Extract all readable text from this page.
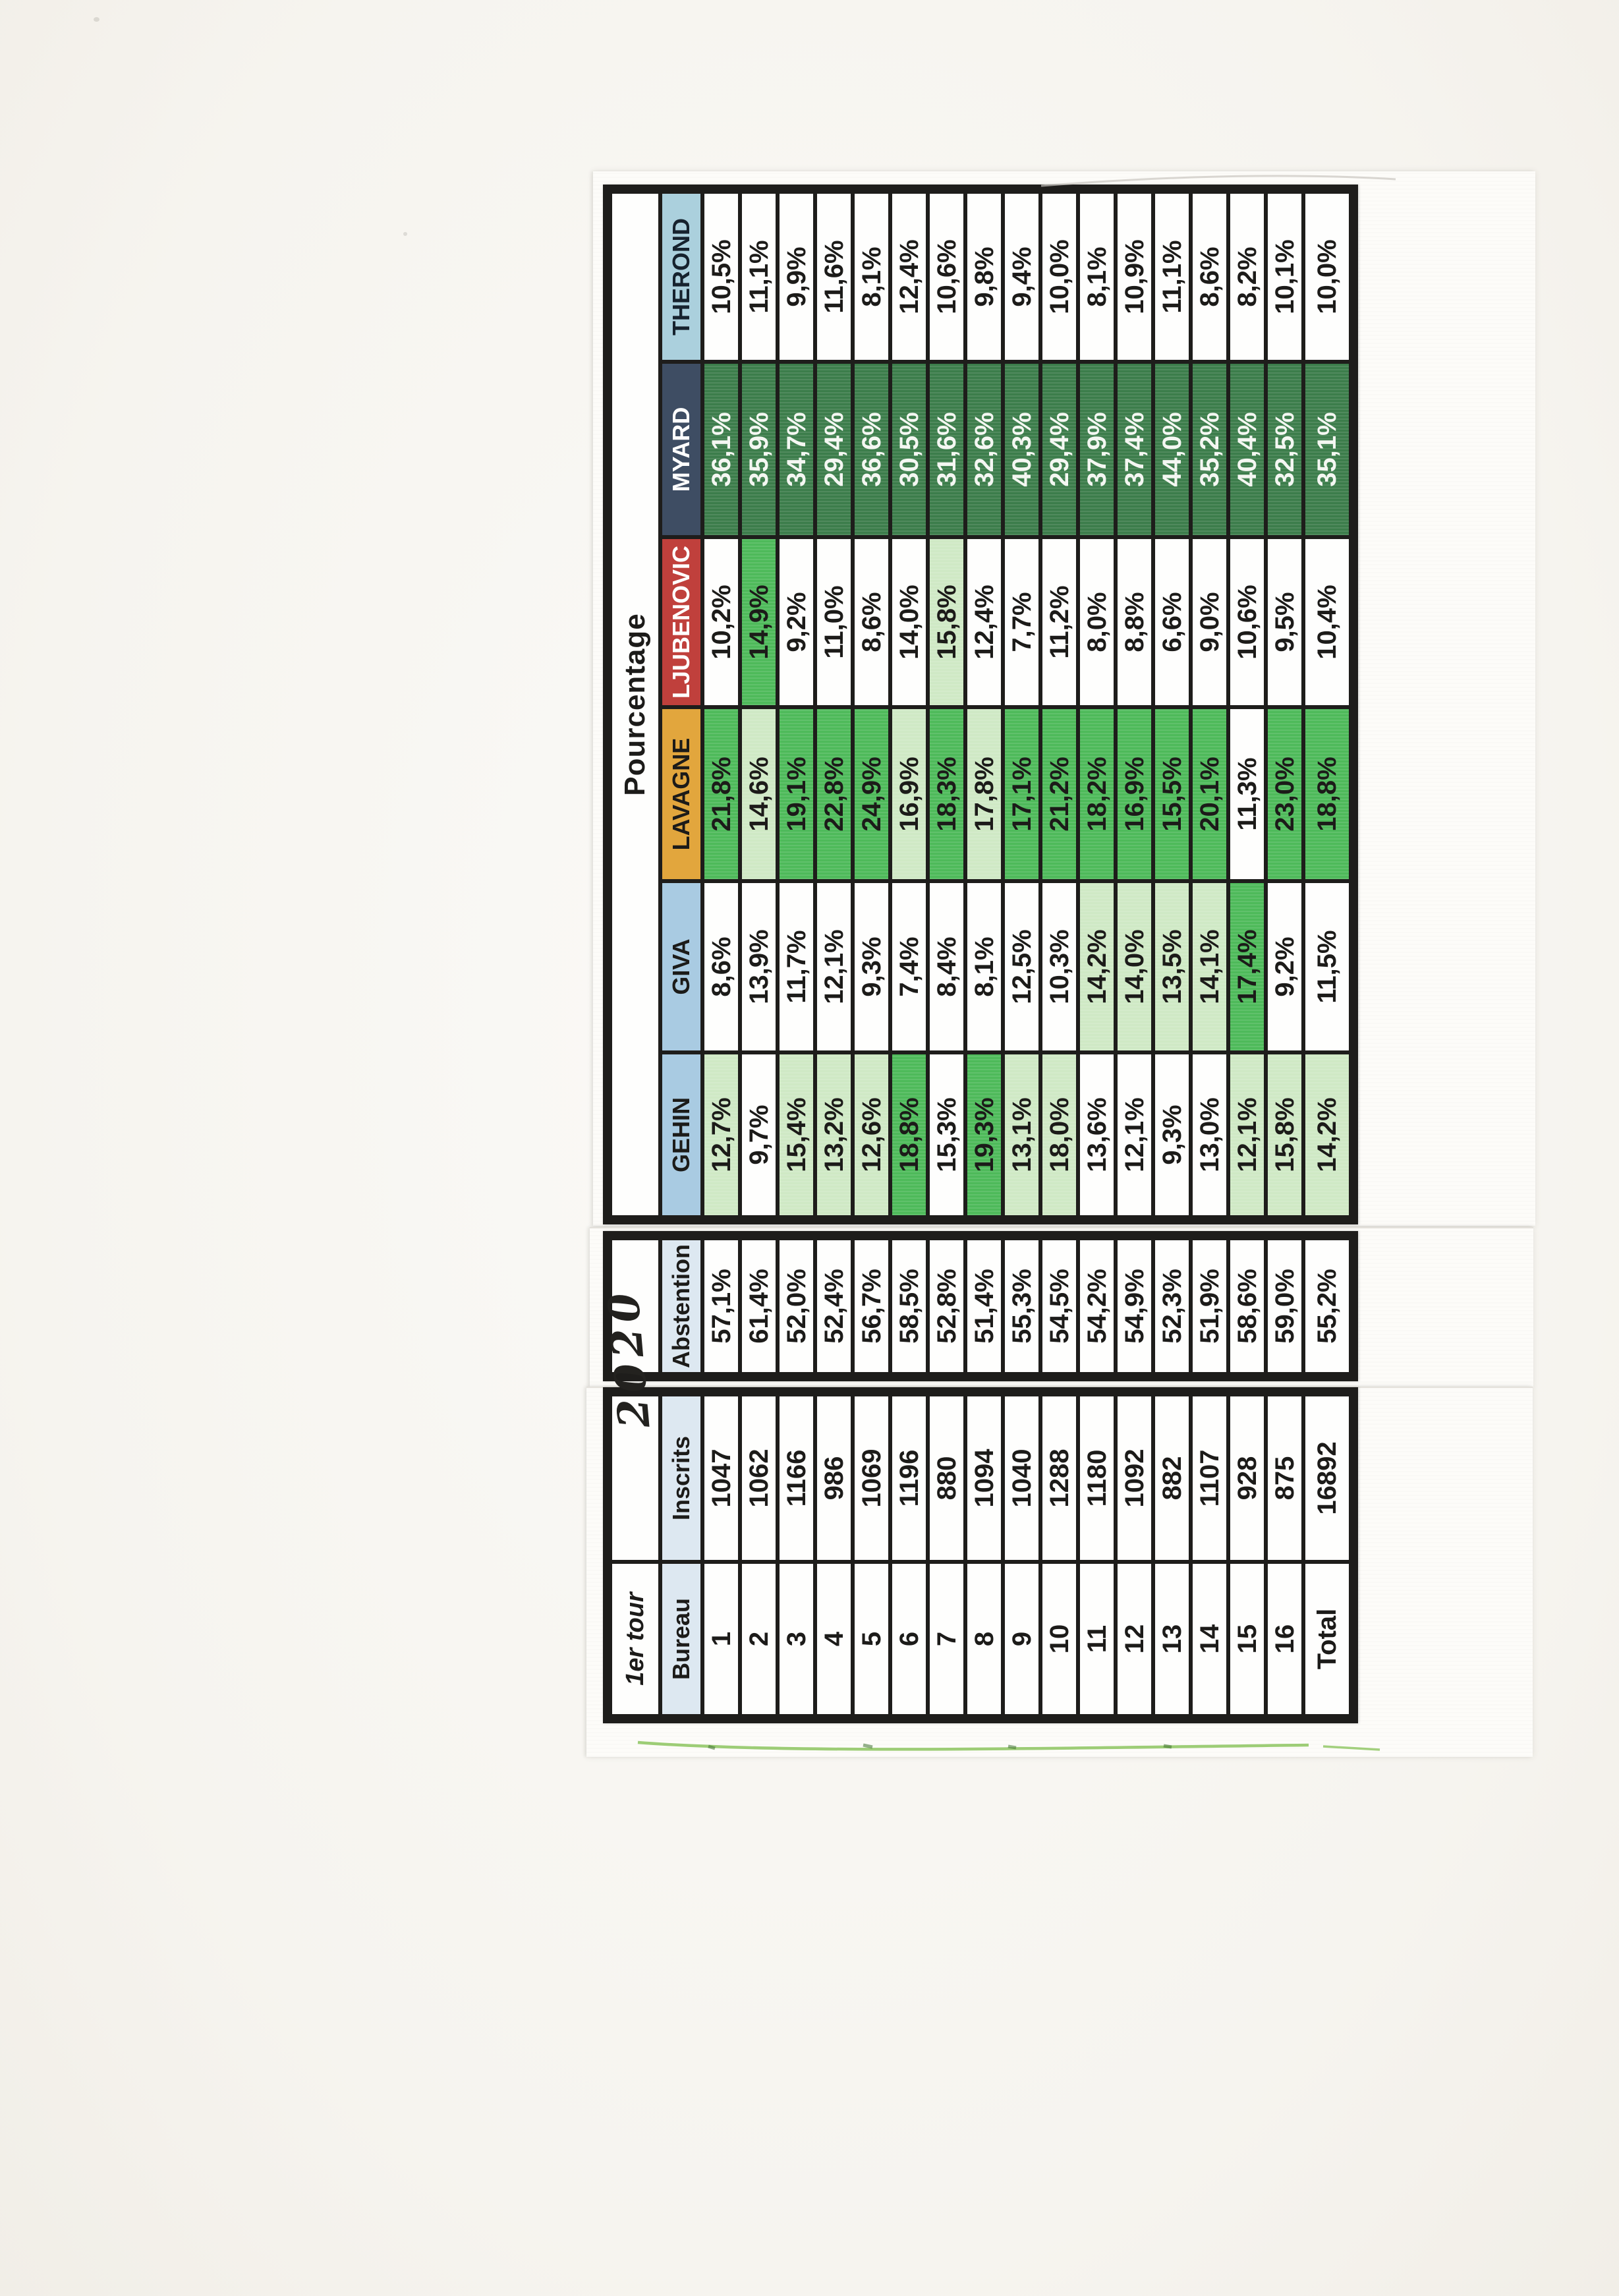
1er tour Bureau 1 2 3 4 5 6 7 8 9 10 11 12 13 14 15 16 Total
Inscrits 1047 1062 1166 986 1069 1196 880 1094 1040 1288 1180 1092 882 1107 928 875 16892
Abstention 57,1% 61,4% 52,0% 52,4% 56,7% 58,5% 52,8% 51,4% 55,3% 54,5% 54,2% 54,9% 52,3% 51,9% 58,6% 59,0% 55,2%
Pourcentage
GEHIN 12,7% 9,7% 15,4% 13,2% 12,6% 18,8% 15,3% 19,3% 13,1% 18,0% 13,6% 12,1% 9,3% 13,0% 12,1% 15,8% 14,2%
GIVA 8,6% 13,9% 11,7% 12,1% 9,3% 7,4% 8,4% 8,1% 12,5% 10,3% 14,2% 14,0% 13,5% 14,1% 17,4% 9,2% 11,5%
LAVAGNE 21,8% 14,6% 19,1% 22,8% 24,9% 16,9% 18,3% 17,8% 17,1% 21,2% 18,2% 16,9% 15,5% 20,1% 11,3% 23,0% 18,8%
LJUBENOVIC 10,2% 14,9% 9,2% 11,0% 8,6% 14,0% 15,8% 12,4% 7,7% 11,2% 8,0% 8,8% 6,6% 9,0% 10,6% 9,5% 10,4%
MYARD 36,1% 35,9% 34,7% 29,4% 36,6% 30,5% 31,6% 32,6% 40,3% 29,4% 37,9% 37,4% 44,0% 35,2% 40,4% 32,5% 35,1%
THEROND 10,5% 11,1% 9,9% 11,6% 8,1% 12,4% 10,6% 9,8% 9,4% 10,0% 8,1% 10,9% 11,1% 8,6% 8,2% 10,1% 10,0%
2020
